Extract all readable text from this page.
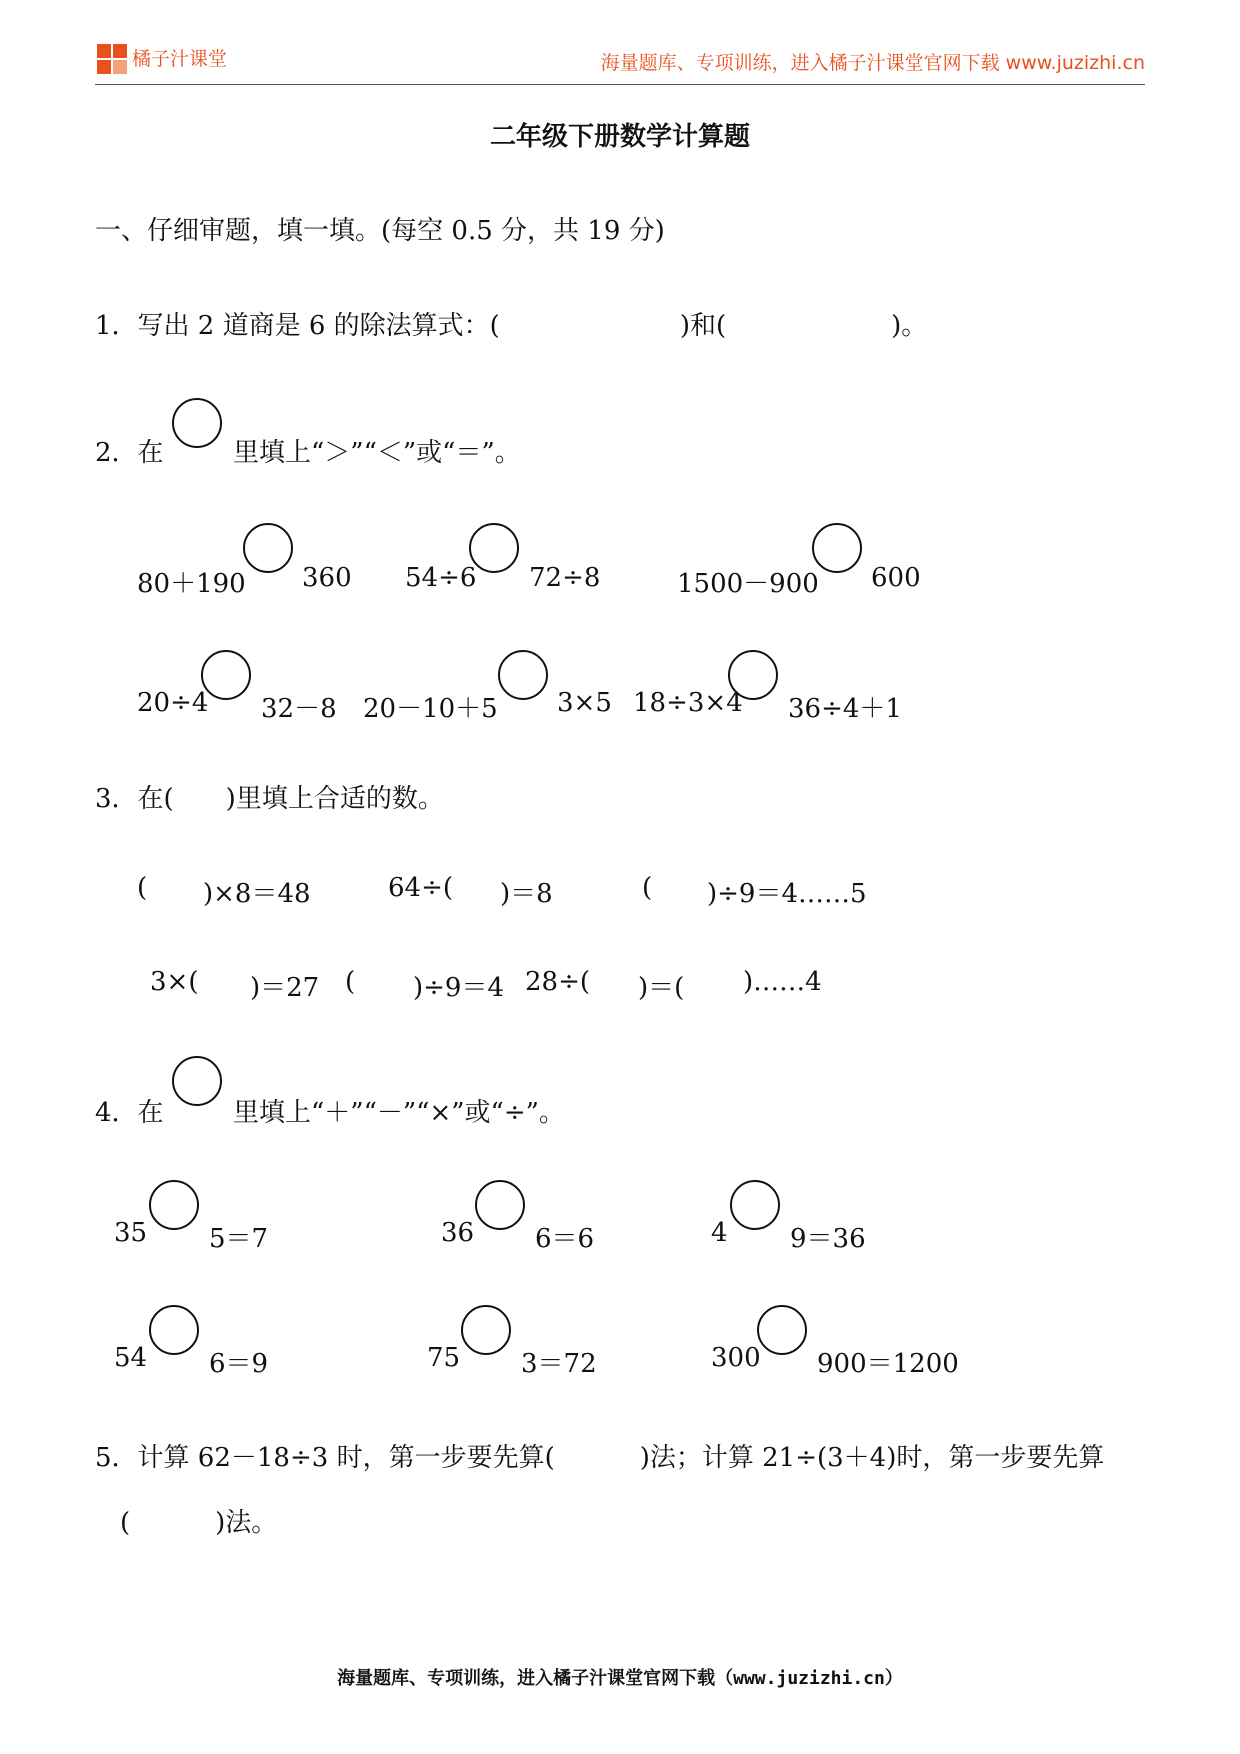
橘子汁课堂	海量题库、专项训练，进入橘子汁课堂官网下载 www.juzizhi.cn
二年级下册数学计算题
一、仔细审题，填一填。(每空 0.5 分，共 19 分)
1．写出 2 道商是 6 的除法算式：(	)和(	)。
2．在	里填上“＞”“＜”或“＝”。
80＋190 360 54÷6 72÷8	1500－900 600
20÷4 32－8 20－10＋5 3×5 18÷3×4 36÷4＋1
3．在(　　)里填上合适的数。
( )×8＝48	64÷( )＝8	( )÷9＝4……5
3×( )＝27 ( )÷9＝4 28÷( )＝( )……4
4．在	里填上“＋”“－”“×”或“÷”。
35 5＝7	36 6＝6	4 9＝36
54 6＝9	75 3＝72	300 900＝1200
5．计算 62－18÷3 时，第一步要先算(	)法；计算 21÷(3＋4)时，第一步要先算
(	)法。
海量题库、专项训练，进入橘子汁课堂官网下载（www.juzizhi.cn）
